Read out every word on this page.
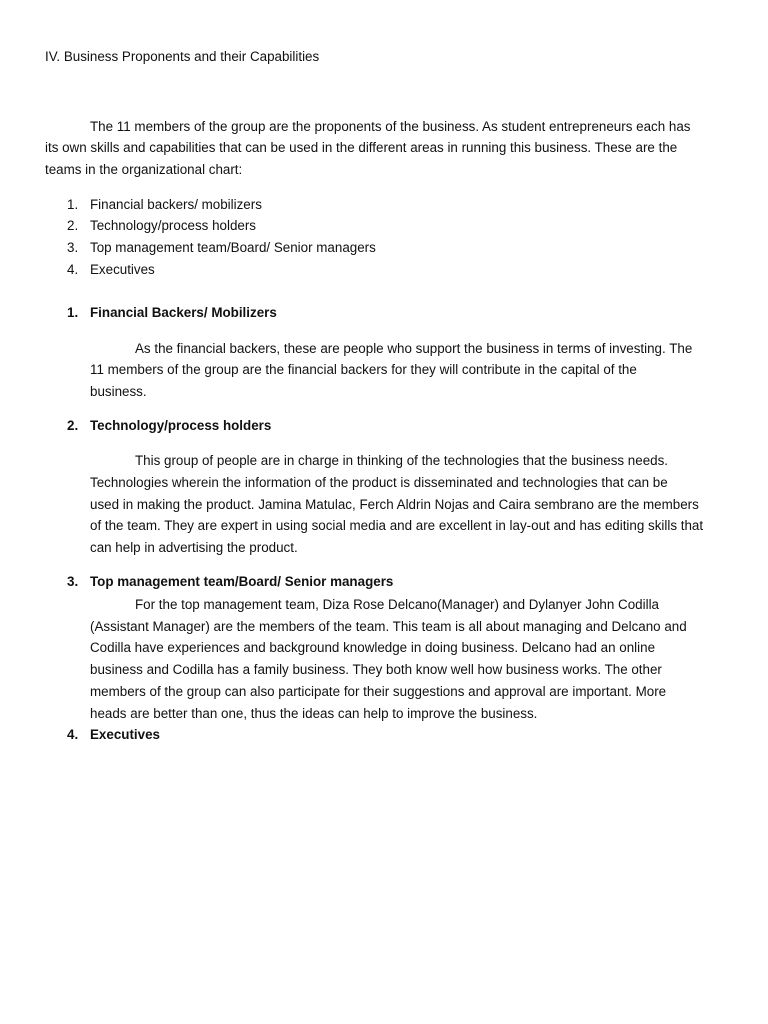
IV. Business Proponents and their Capabilities
The 11 members of the group are the proponents of the business. As student entrepreneurs each has
its own skills and capabilities that can be used in the different areas in running this business. These are the
teams in the organizational chart:
1. Financial backers/ mobilizers
2. Technology/process holders
3. Top management team/Board/ Senior managers
4. Executives
1. Financial Backers/ Mobilizers
As the financial backers, these are people who support the business in terms of investing. The
11 members of the group are the financial backers for they will contribute in the capital of the
business.
2. Technology/process holders
This group of people are in charge in thinking of the technologies that the business needs.
Technologies wherein the information of the product is disseminated and technologies that can be
used in making the product. Jamina Matulac, Ferch Aldrin Nojas and Caira sembrano are the members
of the team. They are expert in using social media and are excellent in lay-out and has editing skills that
can help in advertising the product.
3. Top management team/Board/ Senior managers
For the top management team, Diza Rose Delcano(Manager) and Dylanyer John Codilla
(Assistant Manager) are the members of the team. This team is all about managing and Delcano and
Codilla have experiences and background knowledge in doing business. Delcano had an online
business and Codilla has a family business. They both know well how business works. The other
members of the group can also participate for their suggestions and approval are important. More
heads are better than one, thus the ideas can help to improve the business.
4. Executives
